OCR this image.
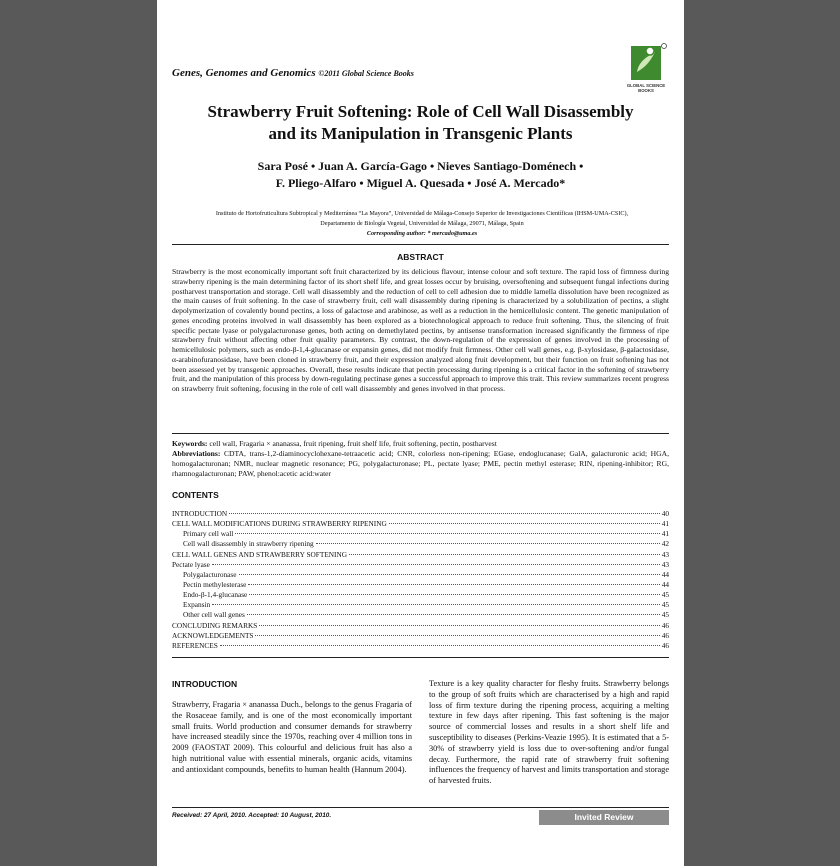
Genes, Genomes and Genomics ©2011 Global Science Books
GLOBAL SCIENCE
BOOKS
Strawberry Fruit Softening: Role of Cell Wall Disassembly
and its Manipulation in Transgenic Plants
Sara Posé • Juan A. García-Gago • Nieves Santiago-Doménech •
F. Pliego-Alfaro • Miguel A. Quesada • José A. Mercado*
Instituto de Hortofruticultura Subtropical y Mediterránea “La Mayora”, Universidad de Málaga-Consejo Superior de Investigaciones Científicas (IHSM-UMA-CSIC),
Departamento de Biología Vegetal, Universidad de Málaga, 29071, Málaga, Spain
Corresponding author: * mercado@uma.es
ABSTRACT
Strawberry is the most economically important soft fruit characterized by its delicious flavour, intense colour and soft texture. The rapid loss of firmness during strawberry ripening is the main determining factor of its short shelf life, and great losses occur by bruising, oversoftening and subsequent fungal infections during postharvest transportation and storage. Cell wall disassembly and the reduction of cell to cell adhesion due to middle lamella dissolution have been recognized as the main causes of fruit softening. In the case of strawberry fruit, cell wall disassembly during ripening is characterized by a solubilization of pectins, a slight depolymerization of covalently bound pectins, a loss of galactose and arabinose, as well as a reduction in the hemicellulosic content. The genetic manipulation of genes encoding proteins involved in wall disassembly has been explored as a biotechnological approach to reduce fruit softening. Thus, the silencing of fruit specific pectate lyase or polygalacturonase genes, both acting on demethylated pectins, by antisense transformation increased significantly the firmness of ripe strawberry fruit without affecting other fruit quality parameters. By contrast, the down-regulation of the expression of genes involved in the processing of hemicellulosic polymers, such as endo-β-1,4-glucanase or expansin genes, did not modify fruit firmness. Other cell wall genes, e.g. β-xylosidase, β-galactosidase, α-arabinofuranosidase, have been cloned in strawberry fruit, and their expression analyzed along fruit development, but their function on fruit softening has not been assessed yet by transgenic approaches. Overall, these results indicate that pectin processing during ripening is a critical factor in the softening of strawberry fruit, and the manipulation of this process by down-regulating pectinase genes a successful approach to improve this trait. This review summarizes recent progress on strawberry fruit softening, focusing in the role of cell wall disassembly and genes involved in that process.
Keywords: cell wall, Fragaria × ananassa, fruit ripening, fruit shelf life, fruit softening, pectin, postharvest
Abbreviations: CDTA, trans-1,2-diaminocyclohexane-tetraacetic acid; CNR, colorless non-ripening; EGase, endoglucanase; GalA, galacturonic acid; HGA, homogalacturonan; NMR, nuclear magnetic resonance; PG, polygalacturonase; PL, pectate lyase; PME, pectin methyl esterase; RIN, ripening-inhibitor; RG, rhamnogalacturonan; PAW, phenol:acetic acid:water
CONTENTS
INTRODUCTION	40
CELL WALL MODIFICATIONS DURING STRAWBERRY RIPENING	41
Primary cell wall	41
Cell wall disassembly in strawberry ripening	42
CELL WALL GENES AND STRAWBERRY SOFTENING	43
Pectate lyase	43
Polygalacturonase	44
Pectin methylesterase	44
Endo-β-1,4-glucanase	45
Expansin	45
Other cell wall genes	45
CONCLUDING REMARKS	46
ACKNOWLEDGEMENTS	46
REFERENCES	46
INTRODUCTION
Strawberry, Fragaria × ananassa Duch., belongs to the genus Fragaria of the Rosaceae family, and is one of the most economically important small fruits. World production and consumer demands for strawberry have increased steadily since the 1970s, reaching over 4 million tons in 2009 (FAOSTAT 2009). This colourful and delicious fruit has also a high nutritional value with essential minerals, organic acids, vitamins and antioxidant compounds, benefits to human health (Hannum 2004).
Texture is a key quality character for fleshy fruits. Strawberry belongs to the group of soft fruits which are characterised by a high and rapid loss of firm texture during the ripening process, acquiring a melting texture in few days after ripening. This fast softening is the major source of commercial losses and results in a short shelf life and susceptibility to diseases (Perkins-Veazie 1995). It is estimated that a 5-30% of strawberry yield is loss due to over-softening and/or fungal decay. Furthermore, the rapid rate of strawberry fruit softening influences the frequency of harvest and limits transportation and storage of harvested fruits.
Received: 27 April, 2010. Accepted: 10 August, 2010.	Invited Review
